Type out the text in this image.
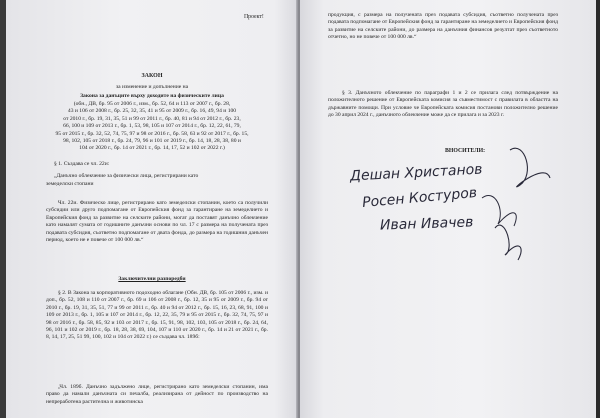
Проект!
ЗАКОН
за изменение и допълнение на
Закона за данъците върху доходите на физическите лица
(обн., ДВ, бр. 95 от 2006 г., изм., бр. 52, 64 и 113 от 2007 г., бр. 28,
43 и 106 от 2008 г., бр. 25, 32, 35, 41 и 95 от 2009 г., бр. 16, 49, 94 и 100
от 2010 г., бр. 19, 31, 35, 51 и 99 от 2011 г., бр. 40, 81 и 94 от 2012 г., бр. 23,
66, 100 и 109 от 2013 г., бр. 1, 53, 98, 105 и 107 от 2014 г., бр. 12, 22, 61, 79,
95 от 2015 г., бр. 32, 52, 74, 75, 97 и 98 от 2016 г., бр. 58, 63 и 92 от 2017 г., бр. 15,
98, 102, 105 от 2018 г., бр. 24, 79, 96 и 101 от 2019 г., бр. 14, 18, 28, 38, 80 и
104 от 2020 г., бр. 14 от 2021 г., бр. 14, 17, 52 и 102 от 2022 г.)
§ 1. Създава се чл. 22и:
„Данъчно облекчение за физически лица, регистрирани като
земеделски стопани
Чл. 22и. Физическо лице, регистрирано като земеделски стопанин, което са получили субсидии или друго подпомагане от Европейския фонд за гарантиране на земеделието и Европейския фонд за развитие на селските райони, могат да поставят данъчно облекчение като намалят сумата от годишните данъчни основи по чл. 17 с размера на получената през подавата субсидия, съответно подпомагане от двата фонда, до размера на годишния данъчен период, което не е повече от 100 000 лв.“
Заключителни разпоредби
§ 2. В Закона за корпоративното подоходно облагане (Обн. ДВ, бр. 105 от 2006 г., изм. и доп., бр. 52, 108 и 110 от 2007 г., бр. 69 и 106 от 2008 г., бр. 12, 35 и 95 от 2009 г., бр. 94 от 2010 г., бр. 19, 31, 35, 51, 77 и 99 от 2011 г., бр. 40 и 94 от 2012 г., бр. 15, 16, 23, 68, 91, 100 и 109 от 2013 г., бр. 1, 105 и 107 от 2014 г., бр. 12, 22, 35, 79 и 95 от 2015 г., бр. 32, 74, 75, 97 и 98 от 2016 г., бр. 58, 85, 92 и 103 от 2017 г., бр. 15, 91, 98, 102, 103, 105 от 2018 г., бр. 24, 64, 96, 101 и 102 от 2019 г., бр. 18, 28, 38, 69, 104, 107 и 110 от 2020 г., бр. 14 и 21 от 2021 г., бр. 8, 14, 17, 25, 51 99, 100, 102 и 104 от 2022 г.) се създава чл. 189б:
„Чл. 189б. Данъчно задължено лице, регистрирано като земеделски стопанин, има право да намали данъчната си печалба, реализирана от дейност по производство на непреработена растителна и животинска
продукция, с размера на получената през подавата субсидия, съответно получената през подавата подпомагане от Европейския фонд за гарантиране на земеделието и Европейския фонд за развитие на селските райони, до размера на данъчния финансов резултат през съответното отчетно, но не повече от 100 000 лв.“
§ 3. Данъчното облекчение по параграфи 1 и 2 се прилага след потвърждение на положителното решение от Европейската комисия за съвместимост с правилата в областта на държавните помощи. При условие че Европейската комисия постанови положително решение до 30 април 2024 г., данъчното облекчение може да се прилага и за 2023 г.
ВНОСИТЕЛИ:
Дешан Христанов
Росен Костуров
Иван Ивачев
